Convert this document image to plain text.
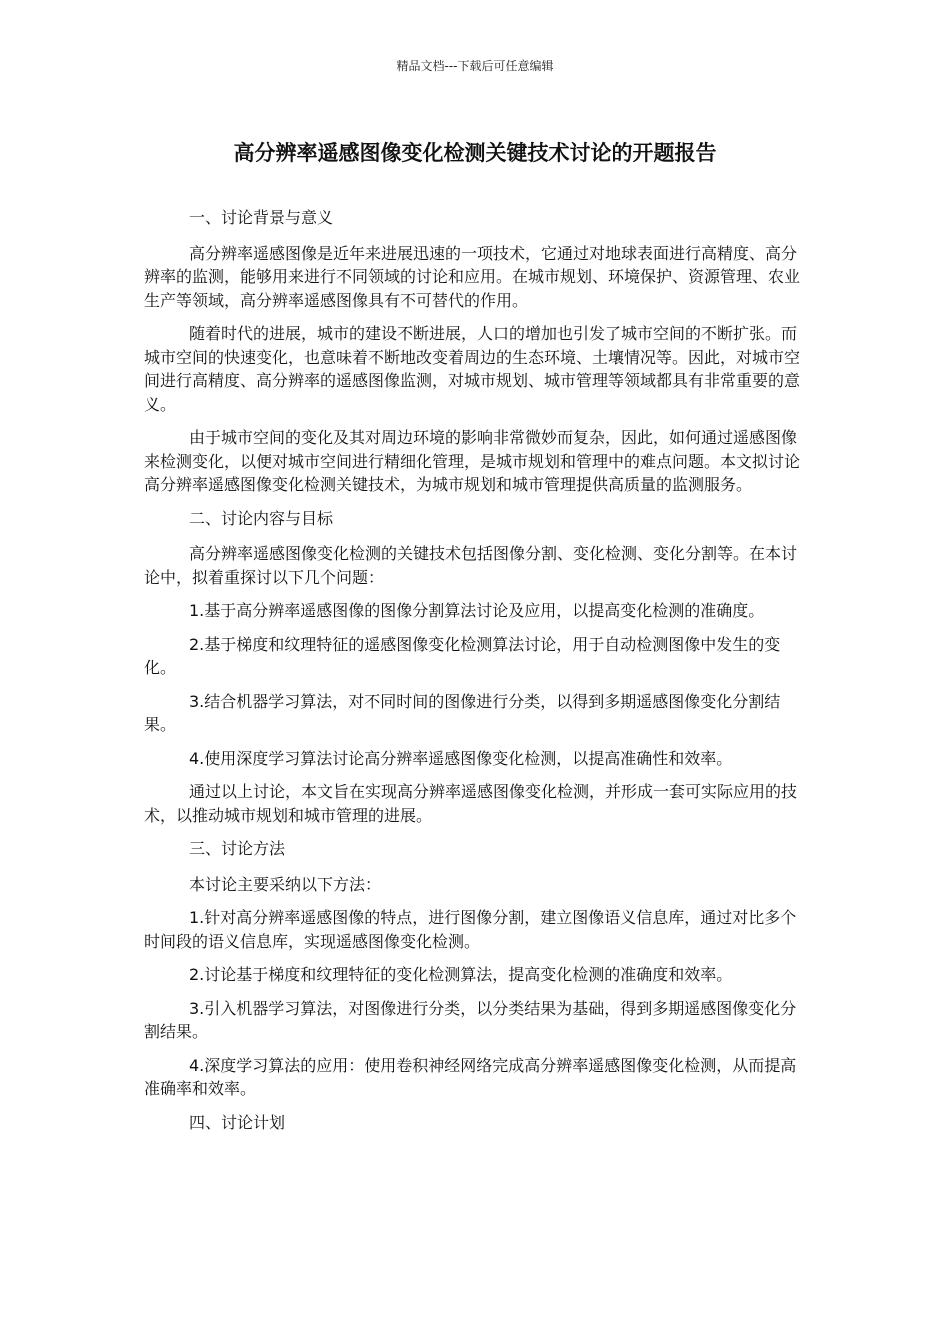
精品文档---下载后可任意编辑
高分辨率遥感图像变化检测关键技术讨论的开题报告

一、讨论背景与意义

高分辨率遥感图像是近年来进展迅速的一项技术，它通过对地球表面进行高精度、高分辨率的监测，能够用来进行不同领域的讨论和应用。在城市规划、环境保护、资源管理、农业生产等领域，高分辨率遥感图像具有不可替代的作用。

随着时代的进展，城市的建设不断进展，人口的增加也引发了城市空间的不断扩张。而城市空间的快速变化，也意味着不断地改变着周边的生态环境、土壤情况等。因此，对城市空间进行高精度、高分辨率的遥感图像监测，对城市规划、城市管理等领域都具有非常重要的意义。

由于城市空间的变化及其对周边环境的影响非常微妙而复杂，因此，如何通过遥感图像来检测变化，以便对城市空间进行精细化管理，是城市规划和管理中的难点问题。本文拟讨论高分辨率遥感图像变化检测关键技术，为城市规划和城市管理提供高质量的监测服务。

二、讨论内容与目标

高分辨率遥感图像变化检测的关键技术包括图像分割、变化检测、变化分割等。在本讨论中，拟着重探讨以下几个问题：

1.基于高分辨率遥感图像的图像分割算法讨论及应用，以提高变化检测的准确度。

2.基于梯度和纹理特征的遥感图像变化检测算法讨论，用于自动检测图像中发生的变化。

3.结合机器学习算法，对不同时间的图像进行分类，以得到多期遥感图像变化分割结果。

4.使用深度学习算法讨论高分辨率遥感图像变化检测，以提高准确性和效率。

通过以上讨论，本文旨在实现高分辨率遥感图像变化检测，并形成一套可实际应用的技术，以推动城市规划和城市管理的进展。

三、讨论方法

本讨论主要采纳以下方法：

1.针对高分辨率遥感图像的特点，进行图像分割，建立图像语义信息库，通过对比多个时间段的语义信息库，实现遥感图像变化检测。

2.讨论基于梯度和纹理特征的变化检测算法，提高变化检测的准确度和效率。

3.引入机器学习算法，对图像进行分类，以分类结果为基础，得到多期遥感图像变化分割结果。

4.深度学习算法的应用：使用卷积神经网络完成高分辨率遥感图像变化检测，从而提高准确率和效率。

四、讨论计划
